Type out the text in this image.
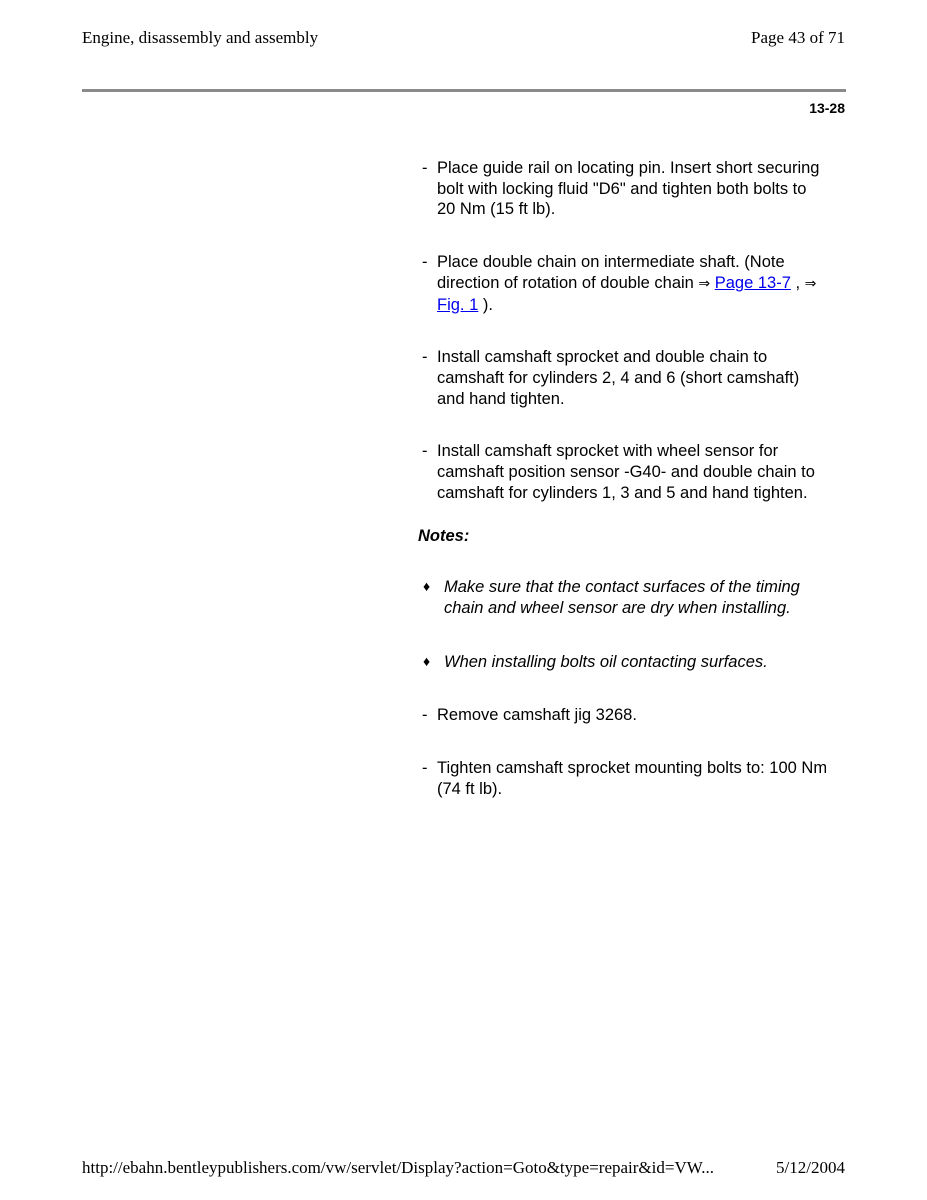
Engine, disassembly and assembly	Page 43 of 71
13-28
- Place guide rail on locating pin. Insert short securing bolt with locking fluid "D6" and tighten both bolts to 20 Nm (15 ft lb).
- Place double chain on intermediate shaft. (Note direction of rotation of double chain ⇒ Page 13-7 , ⇒ Fig. 1 ).
- Install camshaft sprocket and double chain to camshaft for cylinders 2, 4 and 6 (short camshaft) and hand tighten.
- Install camshaft sprocket with wheel sensor for camshaft position sensor -G40- and double chain to camshaft for cylinders 1, 3 and 5 and hand tighten.
Notes:
♦ Make sure that the contact surfaces of the timing chain and wheel sensor are dry when installing.
♦ When installing bolts oil contacting surfaces.
- Remove camshaft jig 3268.
- Tighten camshaft sprocket mounting bolts to: 100 Nm (74 ft lb).
http://ebahn.bentleypublishers.com/vw/servlet/Display?action=Goto&type=repair&id=VW...	5/12/2004
